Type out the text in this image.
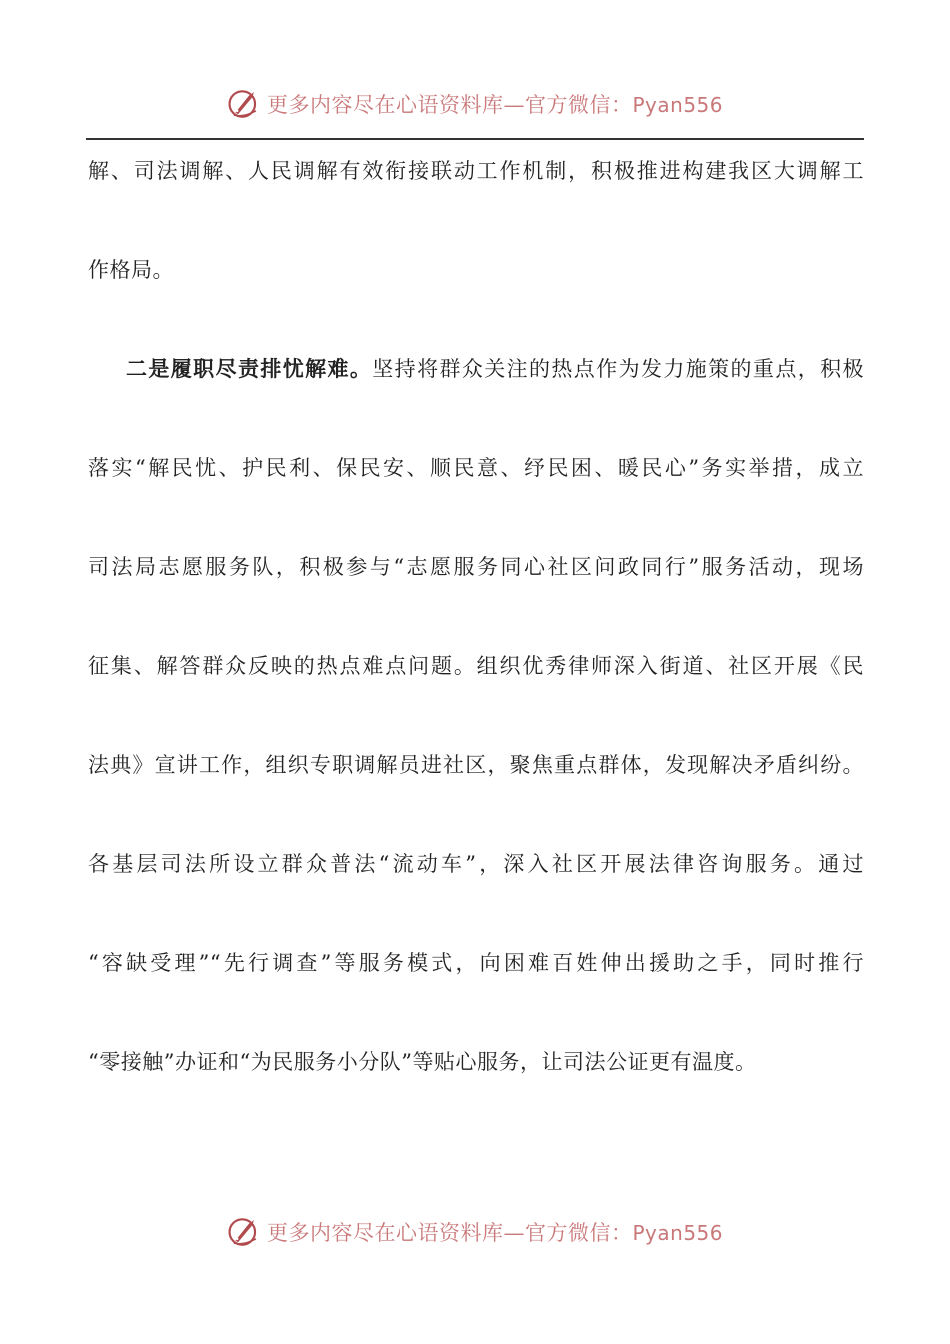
更多内容尽在心语资料库—官方微信：Pyan556
解、司法调解、人民调解有效衔接联动工作机制，积极推进构建我区大调解工
作格局。
二是履职尽责排忧解难。坚持将群众关注的热点作为发力施策的重点，积极
落实“解民忧、护民利、保民安、顺民意、纾民困、暖民心”务实举措，成立
司法局志愿服务队，积极参与“志愿服务同心社区问政同行”服务活动，现场
征集、解答群众反映的热点难点问题。组织优秀律师深入街道、社区开展《民
法典》宣讲工作，组织专职调解员进社区，聚焦重点群体，发现解决矛盾纠纷。
各基层司法所设立群众普法“流动车”，深入社区开展法律咨询服务。通过
“容缺受理”“先行调查”等服务模式，向困难百姓伸出援助之手，同时推行
“零接触”办证和“为民服务小分队”等贴心服务，让司法公证更有温度。
更多内容尽在心语资料库—官方微信：Pyan556
